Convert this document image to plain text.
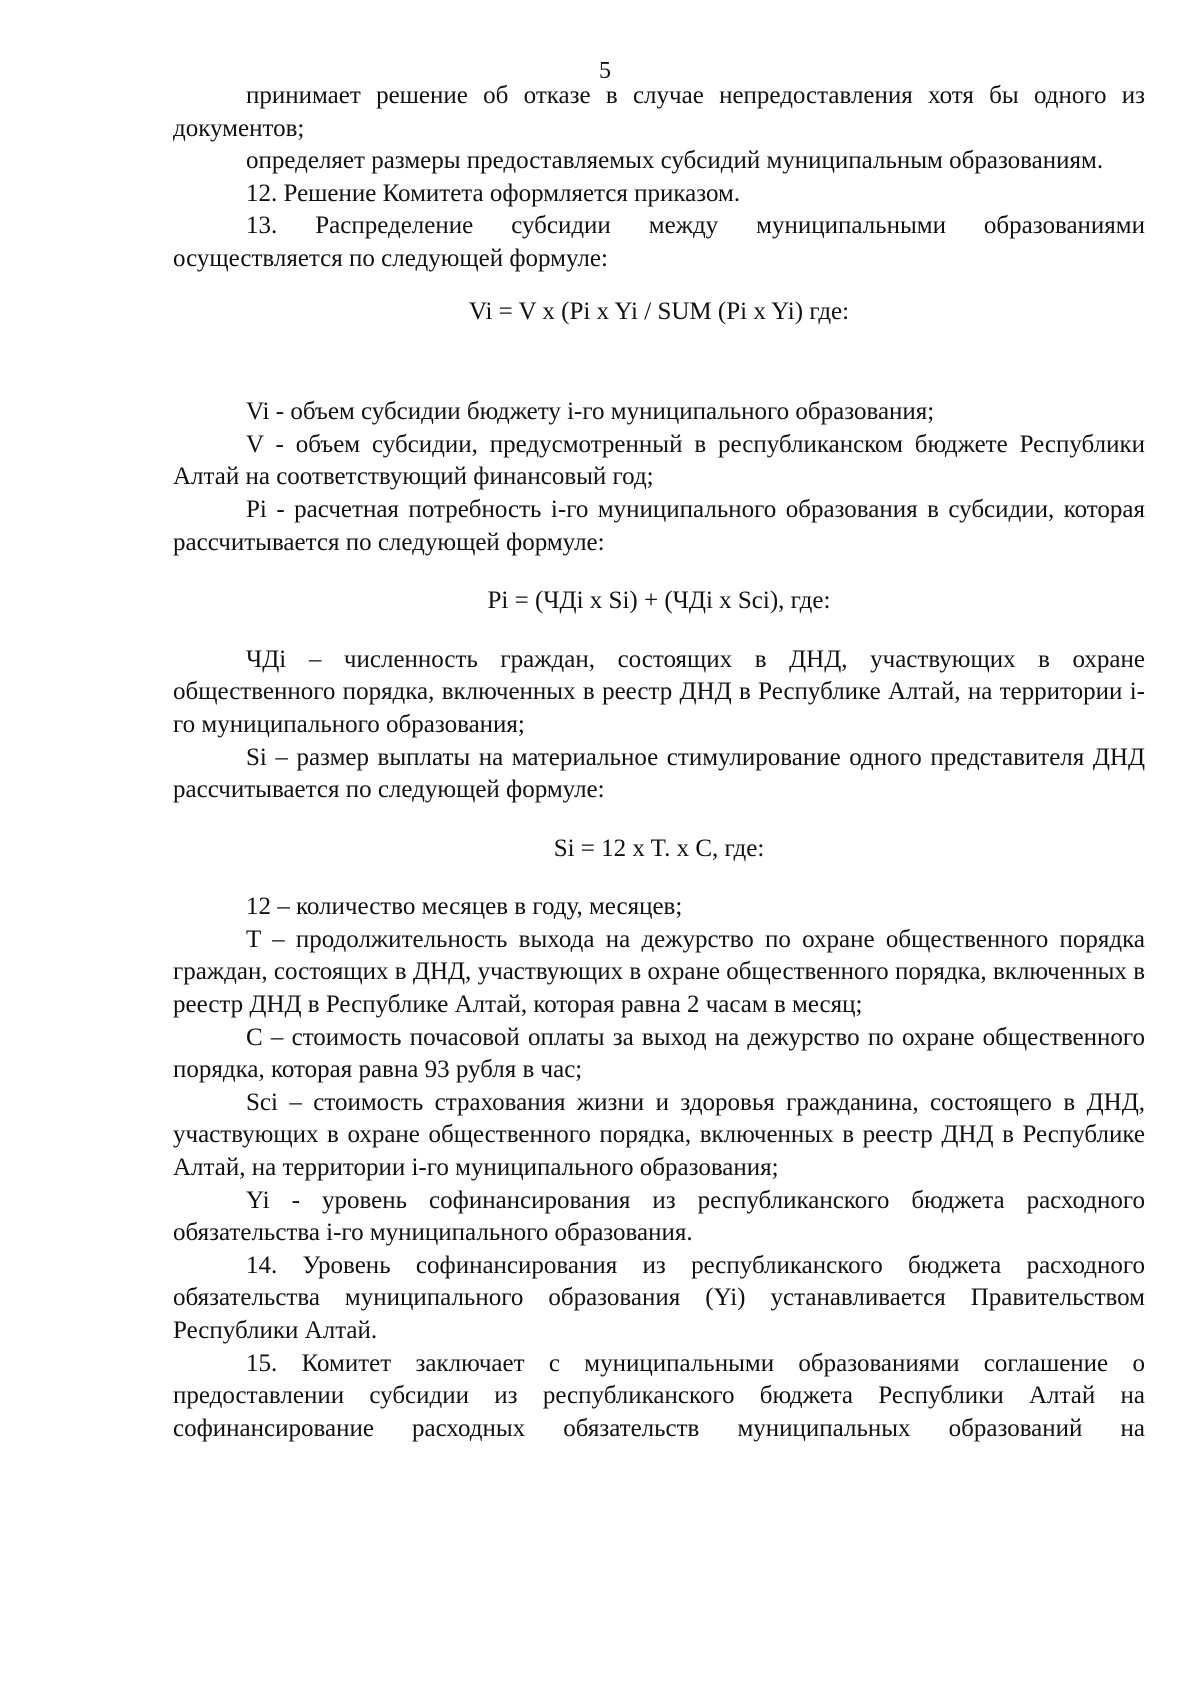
5

принимает решение об отказе в случае непредоставления хотя бы одного из документов;

определяет размеры предоставляемых субсидий муниципальным образованиям.

12. Решение Комитета оформляется приказом.

13. Распределение субсидии между муниципальными образованиями осуществляется по следующей формуле:

Vi = V x (Pi x Yi / SUM (Pi x Yi) где:

Vi - объем субсидии бюджету i-го муниципального образования;

V - объем субсидии, предусмотренный в республиканском бюджете Республики Алтай на соответствующий финансовый год;

Pi - расчетная потребность i-го муниципального образования в субсидии, которая рассчитывается по следующей формуле:

Pi = (ЧДi x Si) + (ЧДi x Sci), где:

ЧДi – численность граждан, состоящих в ДНД, участвующих в охране общественного порядка, включенных в реестр ДНД в Республике Алтай, на территории i-го муниципального образования;

Si – размер выплаты на материальное стимулирование одного представителя ДНД рассчитывается по следующей формуле:

Si = 12 x T. x C, где:

12 – количество месяцев в году, месяцев;

T – продолжительность выхода на дежурство по охране общественного порядка граждан, состоящих в ДНД, участвующих в охране общественного порядка, включенных в реестр ДНД в Республике Алтай, которая равна 2 часам в месяц;

C – стоимость почасовой оплаты за выход на дежурство по охране общественного порядка, которая равна 93 рубля в час;

Sci – стоимость страхования жизни и здоровья гражданина, состоящего в ДНД, участвующих в охране общественного порядка, включенных в реестр ДНД в Республике Алтай, на территории i-го муниципального образования;

Yi - уровень софинансирования из республиканского бюджета расходного обязательства i-го муниципального образования.

14. Уровень софинансирования из республиканского бюджета расходного обязательства муниципального образования (Yi) устанавливается Правительством Республики Алтай.

15. Комитет заключает с муниципальными образованиями соглашение о предоставлении субсидии из республиканского бюджета Республики Алтай на софинансирование расходных обязательств муниципальных образований на
